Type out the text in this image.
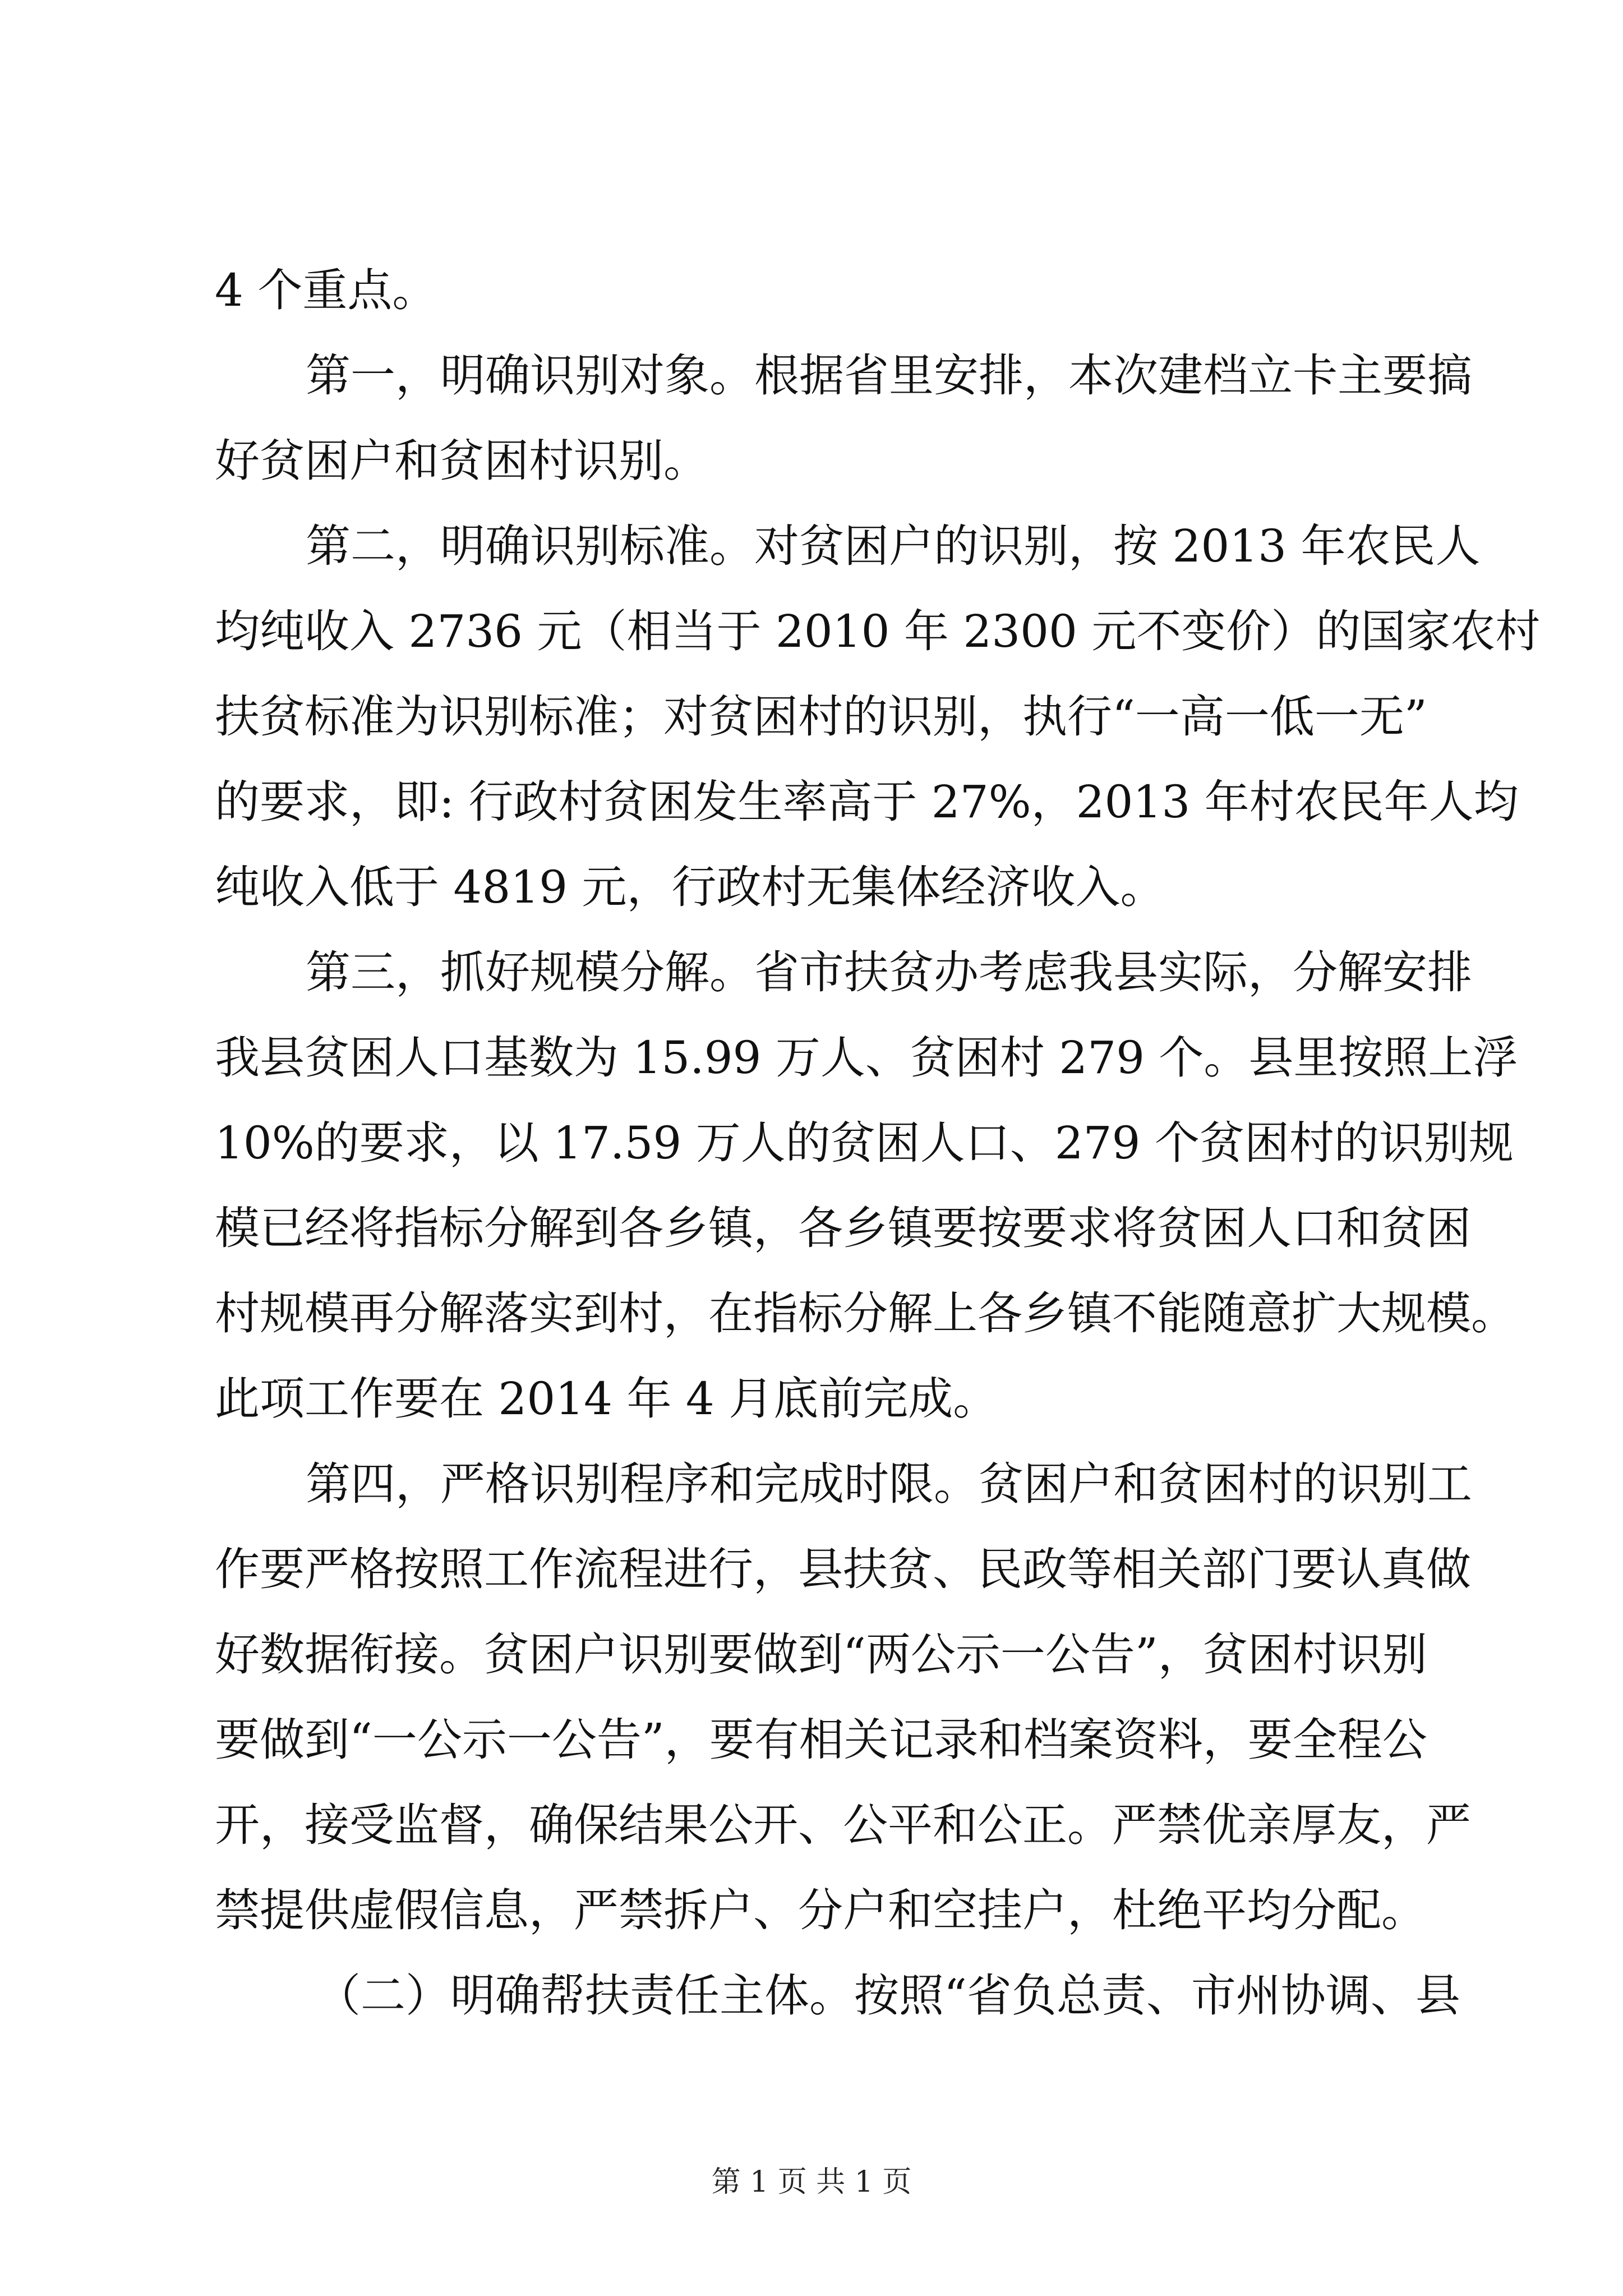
4 个重点。
第一，明确识别对象。根据省里安排，本次建档立卡主要搞
好贫困户和贫困村识别。
第二，明确识别标准。对贫困户的识别，按 2013 年农民人
均纯收入 2736 元（相当于 2010 年 2300 元不变价）的国家农村
扶贫标准为识别标准；对贫困村的识别，执行“一高一低一无”
的要求，即: 行政村贫困发生率高于 27%，2013 年村农民年人均
纯收入低于 4819 元，行政村无集体经济收入。
第三，抓好规模分解。省市扶贫办考虑我县实际，分解安排
我县贫困人口基数为 15.99 万人、贫困村 279 个。县里按照上浮
10%的要求，以 17.59 万人的贫困人口、279 个贫困村的识别规
模已经将指标分解到各乡镇，各乡镇要按要求将贫困人口和贫困
村规模再分解落实到村，在指标分解上各乡镇不能随意扩大规模。
此项工作要在 2014 年 4 月底前完成。
第四，严格识别程序和完成时限。贫困户和贫困村的识别工
作要严格按照工作流程进行，县扶贫、民政等相关部门要认真做
好数据衔接。贫困户识别要做到“两公示一公告”，贫困村识别
要做到“一公示一公告”，要有相关记录和档案资料，要全程公
开，接受监督，确保结果公开、公平和公正。严禁优亲厚友，严
禁提供虚假信息，严禁拆户、分户和空挂户，杜绝平均分配。
（二）明确帮扶责任主体。按照“省负总责、市州协调、县
第 1 页 共 1 页
